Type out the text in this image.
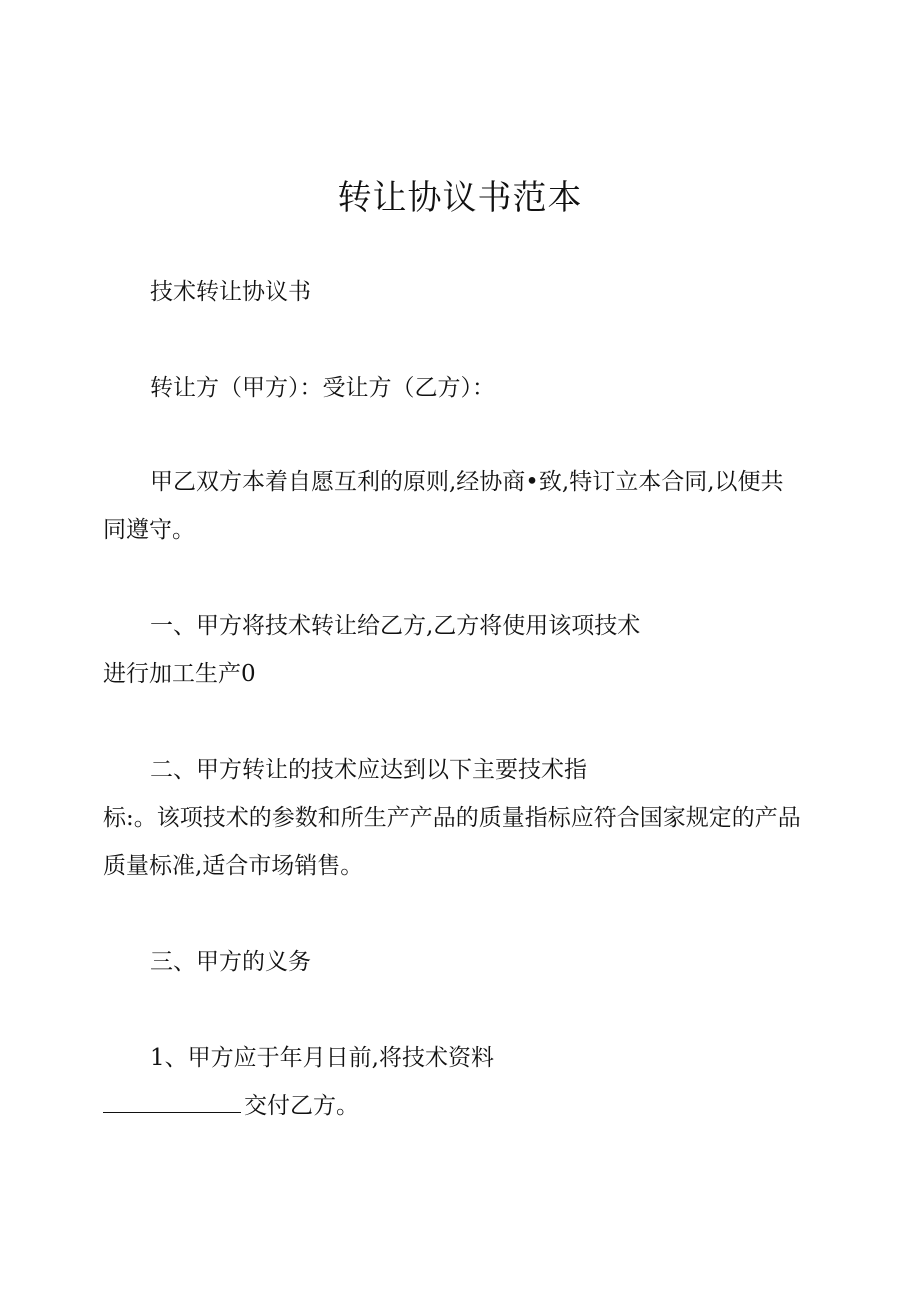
转让协议书范本
技术转让协议书
转让方（甲方）：受让方（乙方）：
甲乙双方本着自愿互利的原则,经协商•致,特订立本合同,以便共
同遵守。
一、甲方将技术转让给乙方,乙方将使用该项技术
进行加工生产0
二、甲方转让的技术应达到以下主要技术指
标:。该项技术的参数和所生产产品的质量指标应符合国家规定的产品
质量标准,适合市场销售。
三、甲方的义务
1、甲方应于年月日前,将技术资料
交付乙方。
